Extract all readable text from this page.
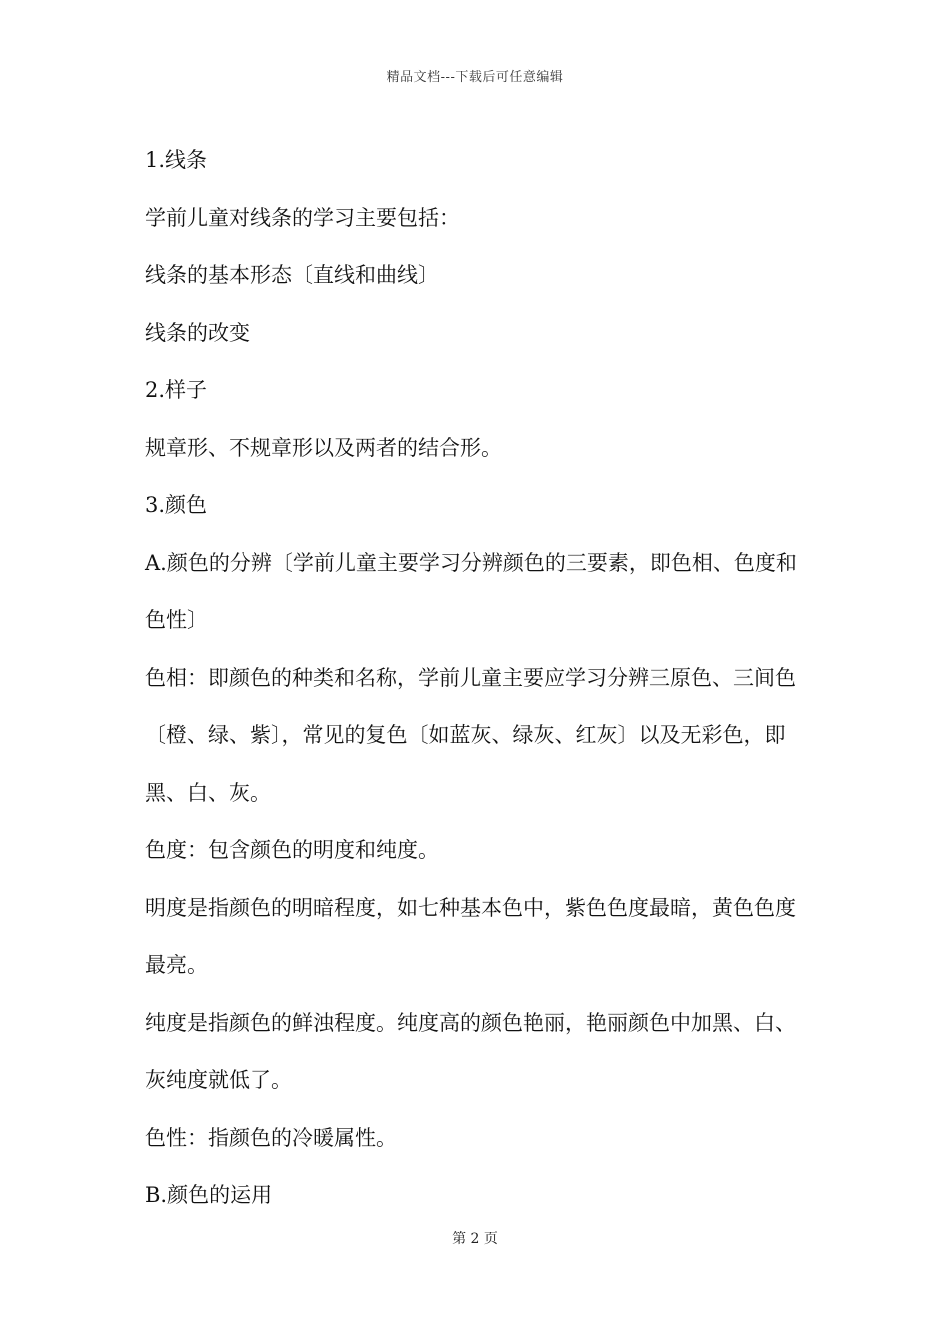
精品文档---下载后可任意编辑

1.线条

学前儿童对线条的学习主要包括：

线条的基本形态〔直线和曲线〕

线条的改变

2.样子

规章形、不规章形以及两者的结合形。

3.颜色

A.颜色的分辨〔学前儿童主要学习分辨颜色的三要素，即色相、色度和色性〕

色相：即颜色的种类和名称，学前儿童主要应学习分辨三原色、三间色〔橙、绿、紫〕，常见的复色〔如蓝灰、绿灰、红灰〕以及无彩色，即黑、白、灰。

色度：包含颜色的明度和纯度。

明度是指颜色的明暗程度，如七种基本色中，紫色色度最暗，黄色色度最亮。

纯度是指颜色的鲜浊程度。纯度高的颜色艳丽，艳丽颜色中加黑、白、灰纯度就低了。

色性：指颜色的冷暖属性。

B.颜色的运用

第 2 页
